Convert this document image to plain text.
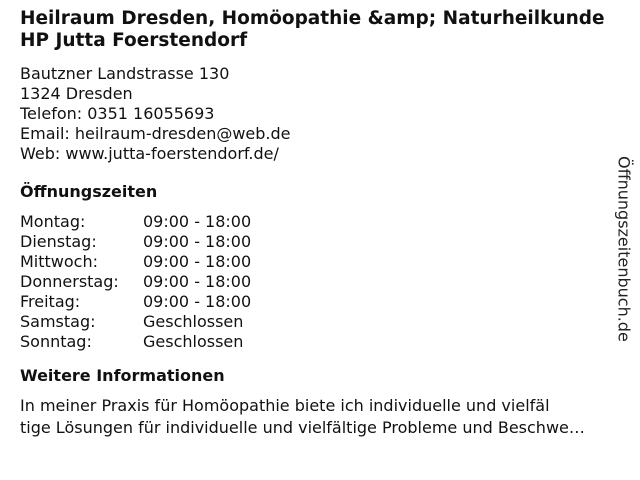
Heilraum Dresden, Homöopathie &amp; Naturheilkunde HP Jutta Foerstendorf
Bautzner Landstrasse 130
1324 Dresden
Telefon: 0351 16055693
Email: heilraum-dresden@web.de
Web: www.jutta-foerstendorf.de/
Öffnungszeiten
Montag:	09:00 - 18:00
Dienstag:	09:00 - 18:00
Mittwoch:	09:00 - 18:00
Donnerstag:	09:00 - 18:00
Freitag:	09:00 - 18:00
Samstag:	Geschlossen
Sonntag:	Geschlossen
Weitere Informationen
In meiner Praxis für Homöopathie biete ich individuelle und vielfäl
tige Lösungen für individuelle und vielfältige Probleme und Beschwe…
Öffnungszeitenbuch.de
